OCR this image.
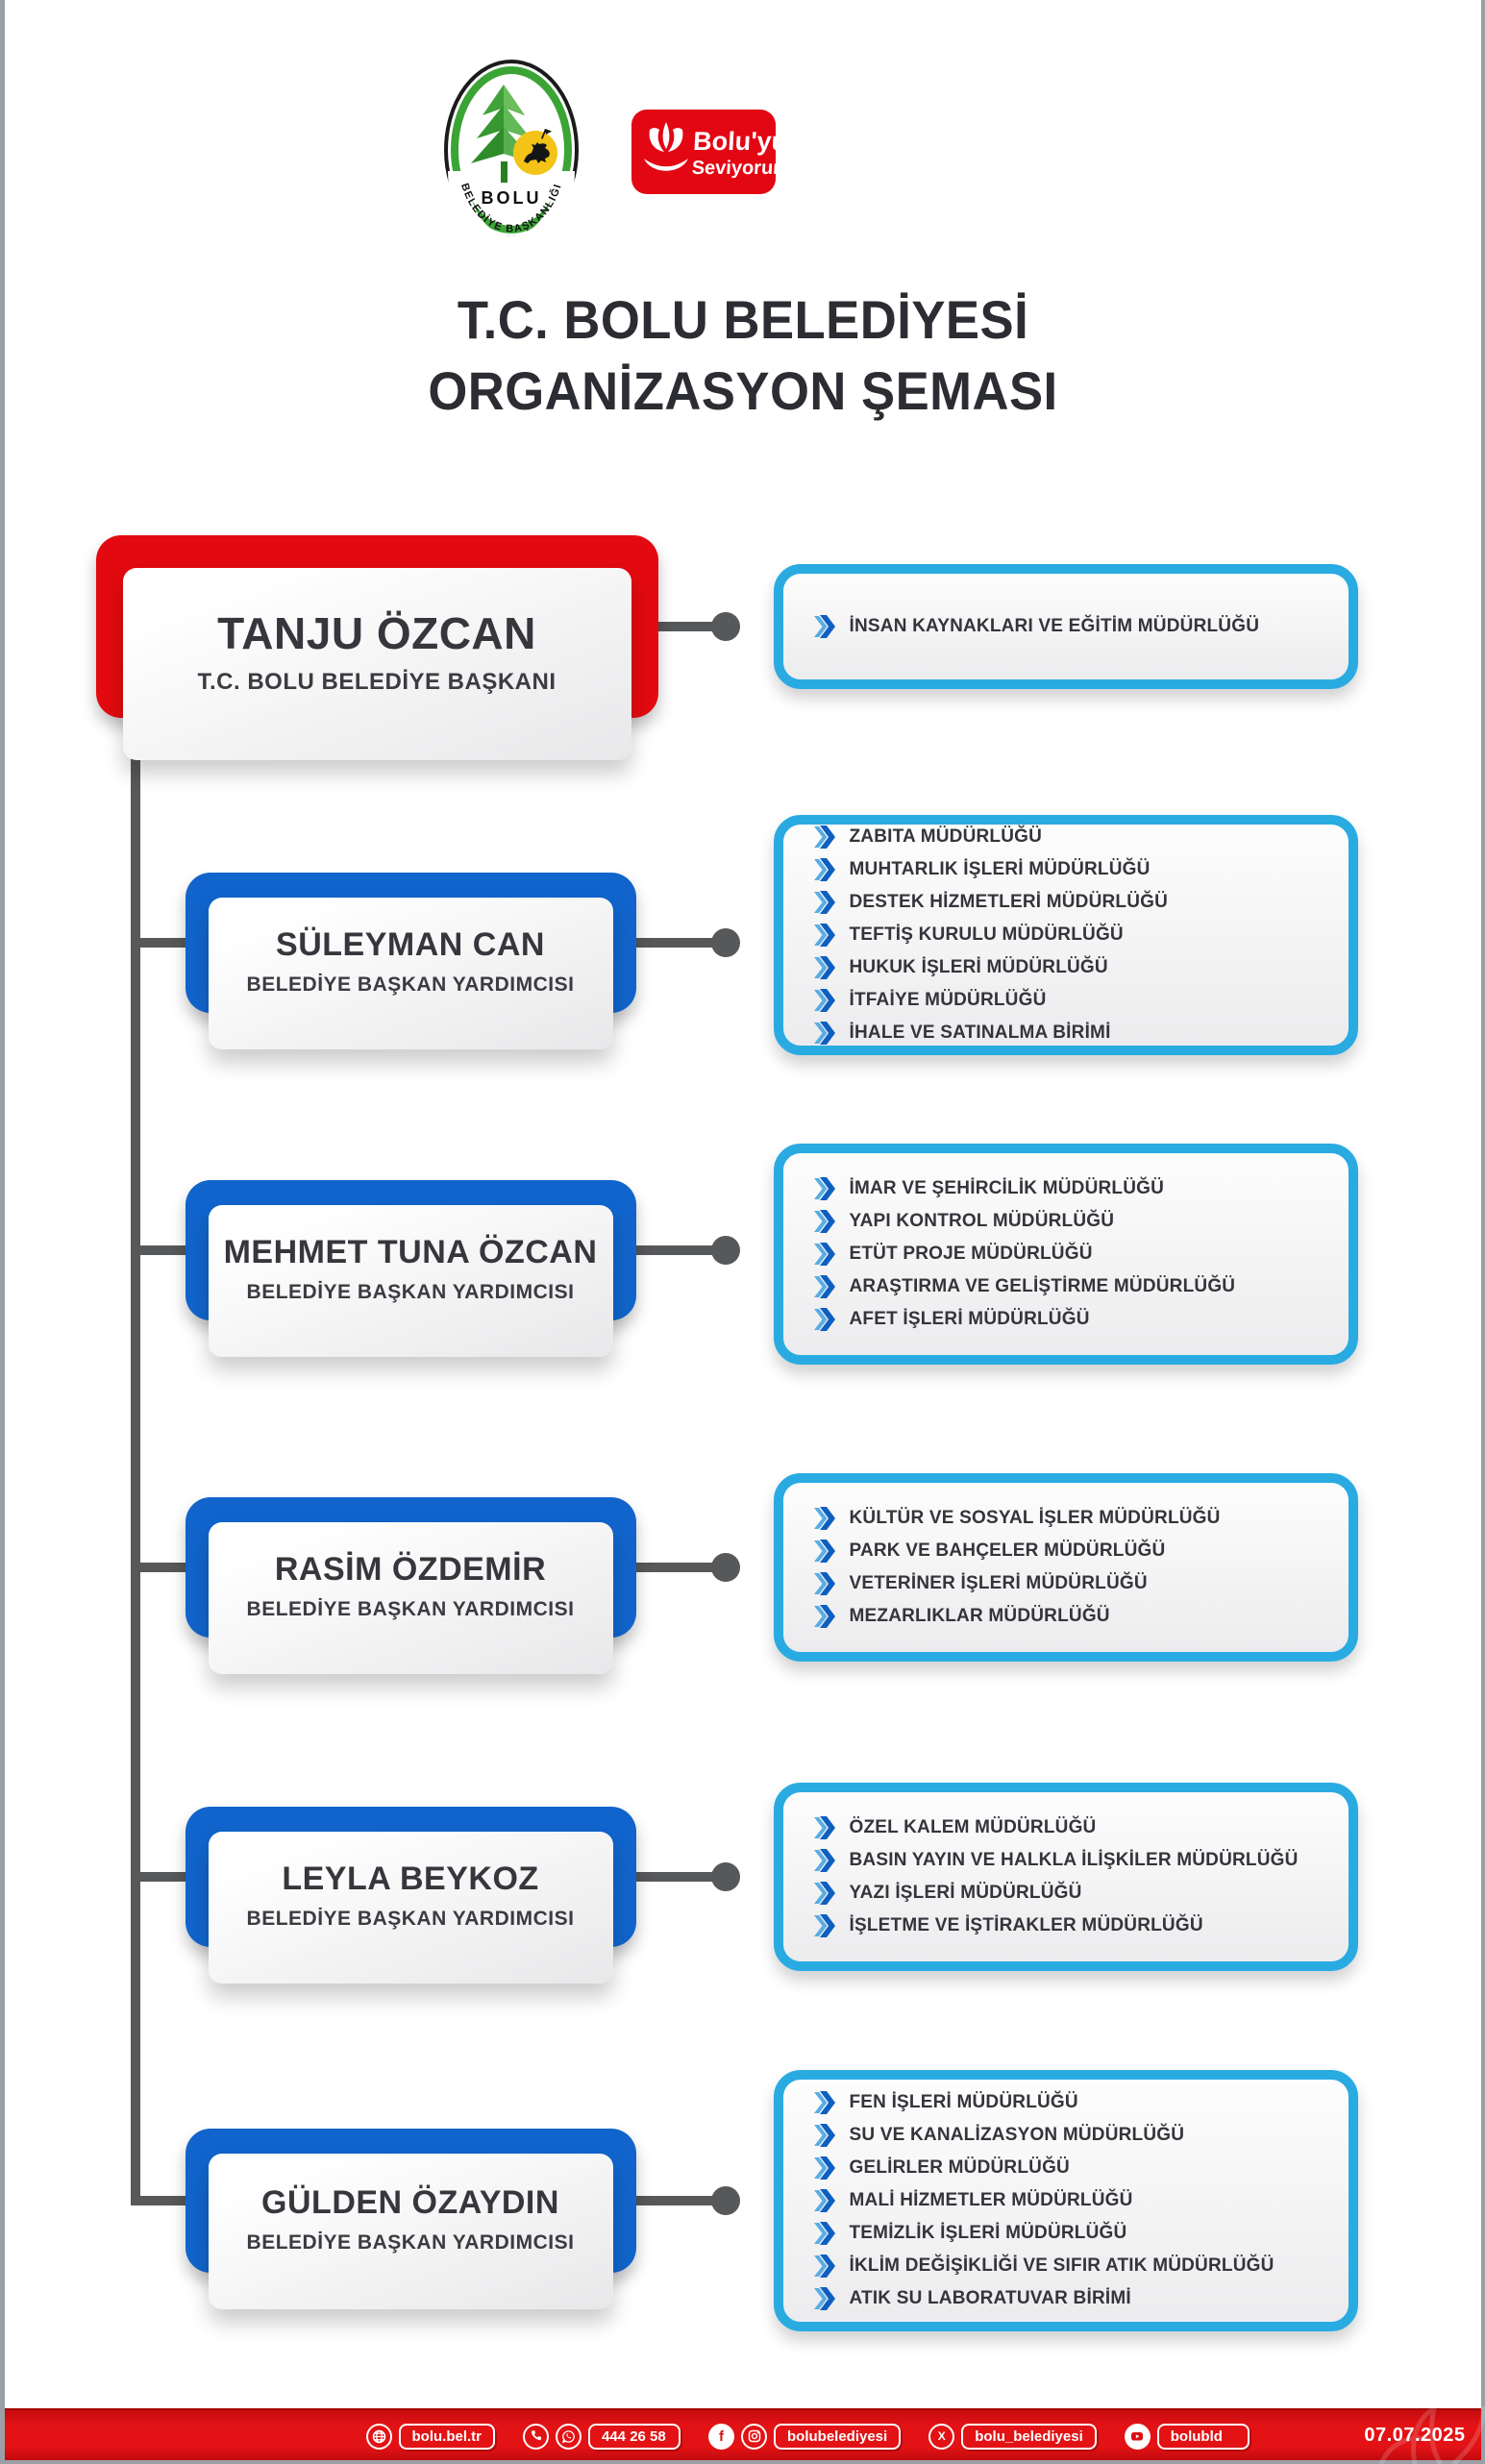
BOLU
BELEDİYE BAŞKANLIĞI
Bolu'yu
Seviyorum
T.C. BOLU BELEDİYESİ
ORGANİZASYON ŞEMASI
TANJU ÖZCAN
T.C. BOLU BELEDİYE BAŞKANI
SÜLEYMAN CAN
BELEDİYE BAŞKAN YARDIMCISI
MEHMET TUNA ÖZCAN
BELEDİYE BAŞKAN YARDIMCISI
RASİM ÖZDEMİR
BELEDİYE BAŞKAN YARDIMCISI
LEYLA BEYKOZ
BELEDİYE BAŞKAN YARDIMCISI
GÜLDEN ÖZAYDIN
BELEDİYE BAŞKAN YARDIMCISI
İNSAN KAYNAKLARI VE EĞİTİM MÜDÜRLÜĞÜ
ZABITA MÜDÜRLÜĞÜ
MUHTARLIK İŞLERİ MÜDÜRLÜĞÜ
DESTEK HİZMETLERİ MÜDÜRLÜĞÜ
TEFTİŞ KURULU MÜDÜRLÜĞÜ
HUKUK İŞLERİ MÜDÜRLÜĞÜ
İTFAİYE MÜDÜRLÜĞÜ
İHALE VE SATINALMA BİRİMİ
İMAR VE ŞEHİRCİLİK MÜDÜRLÜĞÜ
YAPI KONTROL MÜDÜRLÜĞÜ
ETÜT PROJE MÜDÜRLÜĞÜ
ARAŞTIRMA VE GELİŞTİRME MÜDÜRLÜĞÜ
AFET İŞLERİ MÜDÜRLÜĞÜ
KÜLTÜR VE SOSYAL İŞLER MÜDÜRLÜĞÜ
PARK VE BAHÇELER MÜDÜRLÜĞÜ
VETERİNER İŞLERİ MÜDÜRLÜĞÜ
MEZARLIKLAR MÜDÜRLÜĞÜ
ÖZEL KALEM MÜDÜRLÜĞÜ
BASIN YAYIN VE HALKLA İLİŞKİLER MÜDÜRLÜĞÜ
YAZI İŞLERİ MÜDÜRLÜĞÜ
İŞLETME VE İŞTİRAKLER MÜDÜRLÜĞÜ
FEN İŞLERİ MÜDÜRLÜĞÜ
SU VE KANALİZASYON MÜDÜRLÜĞÜ
GELİRLER MÜDÜRLÜĞÜ
MALİ HİZMETLER MÜDÜRLÜĞÜ
TEMİZLİK İŞLERİ MÜDÜRLÜĞÜ
İKLİM DEĞİŞİKLİĞİ VE SIFIR ATIK MÜDÜRLÜĞÜ
ATIK SU LABORATUVAR BİRİMİ
bolu.bel.tr	444 26 58	f	bolubelediyesi	X	bolu_belediyesi	bolubld	07.07.2025
